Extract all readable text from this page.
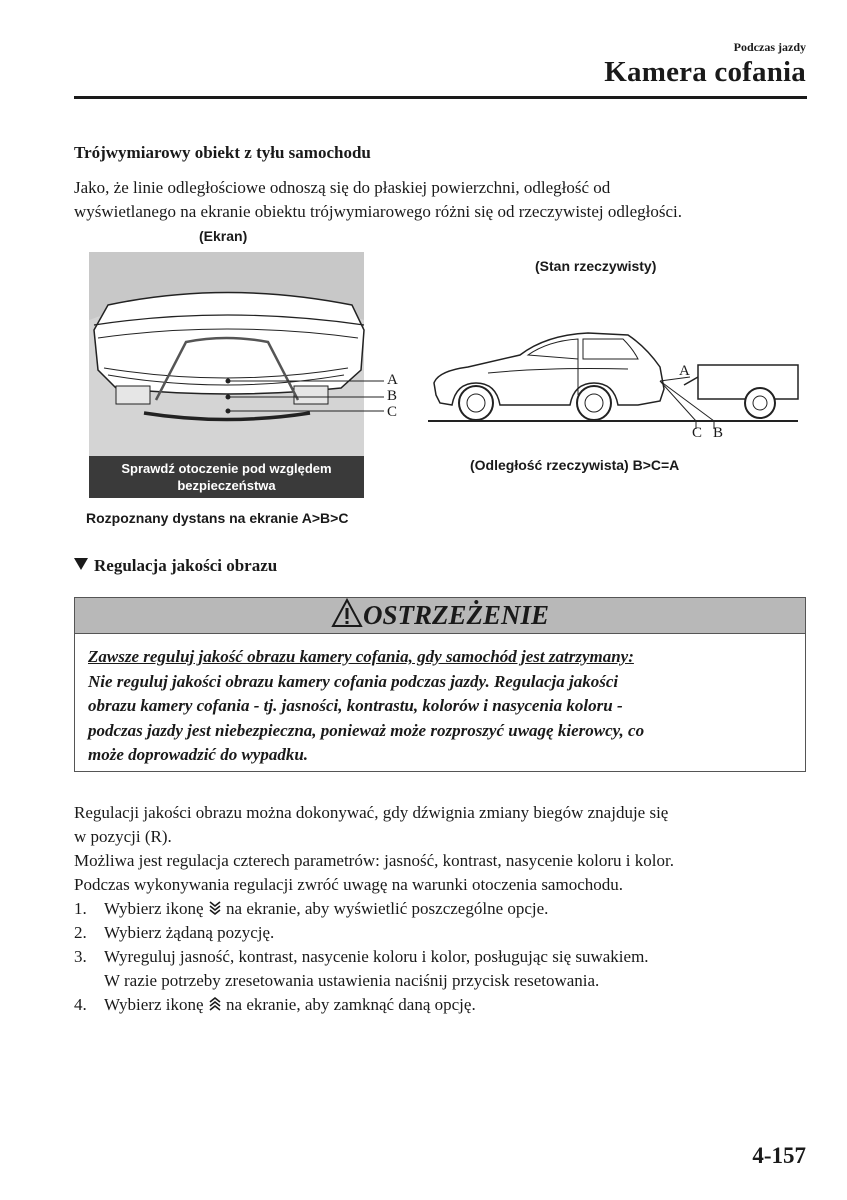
Podczas jazdy
Kamera cofania
Trójwymiarowy obiekt z tyłu samochodu
Jako, że linie odległościowe odnoszą się do płaskiej powierzchni, odległość od
wyświetlanego na ekranie obiektu trójwymiarowego różni się od rzeczywistej odległości.
(Ekran)
A
B
C
Sprawdź otoczenie pod względem
bezpieczeństwa
Rozpoznany dystans na ekranie A>B>C
(Stan rzeczywisty)
A
C B
(Odległość rzeczywista) B>C=A
Regulacja jakości obrazu
OSTRZEŻENIE
Zawsze reguluj jakość obrazu kamery cofania, gdy samochód jest zatrzymany:
Nie reguluj jakości obrazu kamery cofania podczas jazdy. Regulacja jakości
obrazu kamery cofania - tj. jasności, kontrastu, kolorów i nasycenia koloru -
podczas jazdy jest niebezpieczna, ponieważ może rozproszyć uwagę kierowcy, co
może doprowadzić do wypadku.
Regulacji jakości obrazu można dokonywać, gdy dźwignia zmiany biegów znajduje się
w pozycji (R).
Możliwa jest regulacja czterech parametrów: jasność, kontrast, nasycenie koloru i kolor.
Podczas wykonywania regulacji zwróć uwagę na warunki otoczenia samochodu.
1. Wybierz ikonę na ekranie, aby wyświetlić poszczególne opcje.
2. Wybierz żądaną pozycję.
3. Wyreguluj jasność, kontrast, nasycenie koloru i kolor, posługując się suwakiem.
W razie potrzeby zresetowania ustawienia naciśnij przycisk resetowania.
4. Wybierz ikonę na ekranie, aby zamknąć daną opcję.
4-157
